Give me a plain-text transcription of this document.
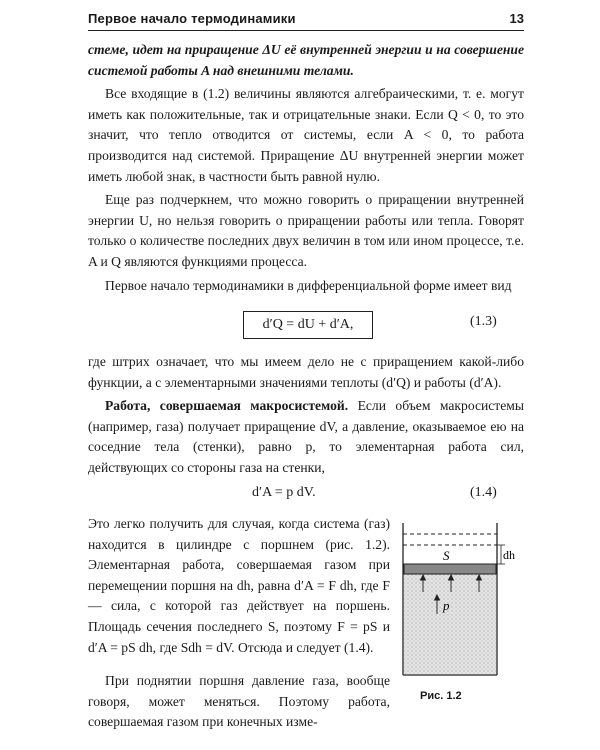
Первое начало термодинамики	13

стеме, идет на приращение ΔU её внутренней энергии и на совершение системой работы A над внешними телами.

Все входящие в (1.2) величины являются алгебраическими, т. е. могут иметь как положительные, так и отрицательные знаки. Если Q < 0, то это значит, что тепло отводится от системы, если A < 0, то работа производится над системой. Приращение ΔU внутренней энергии может иметь любой знак, в частности быть равной нулю.

Еще раз подчеркнем, что можно говорить о приращении внутренней энергии U, но нельзя говорить о приращении работы или тепла. Говорят только о количестве последних двух величин в том или ином процессе, т.е. A и Q являются функциями процесса.

Первое начало термодинамики в дифференциальной форме имеет вид

d′Q = dU + d′A,	(1.3)

где штрих означает, что мы имеем дело не с приращением какой-либо функции, а с элементарными значениями теплоты (d′Q) и работы (d′A).

Работа, совершаемая макросистемой. Если объем макросистемы (например, газа) получает приращение dV, а давление, оказываемое ею на соседние тела (стенки), равно p, то элементарная работа сил, действующих со стороны газа на стенки,

d′A = p dV.	(1.4)

Это легко получить для случая, когда система (газ) находится в цилиндре с поршнем (рис. 1.2). Элементарная работа, совершаемая газом при перемещении поршня на dh, равна d′A = F dh, где F — сила, с которой газ действует на поршень. Площадь сечения последнего S, поэтому F = pS и d′A = pS dh, где Sdh = dV. Отсюда и следует (1.4).

При поднятии поршня давление газа, вообще говоря, может меняться. Поэтому работа, совершаемая газом при конечных изме-

S	dh
p
Рис. 1.2
